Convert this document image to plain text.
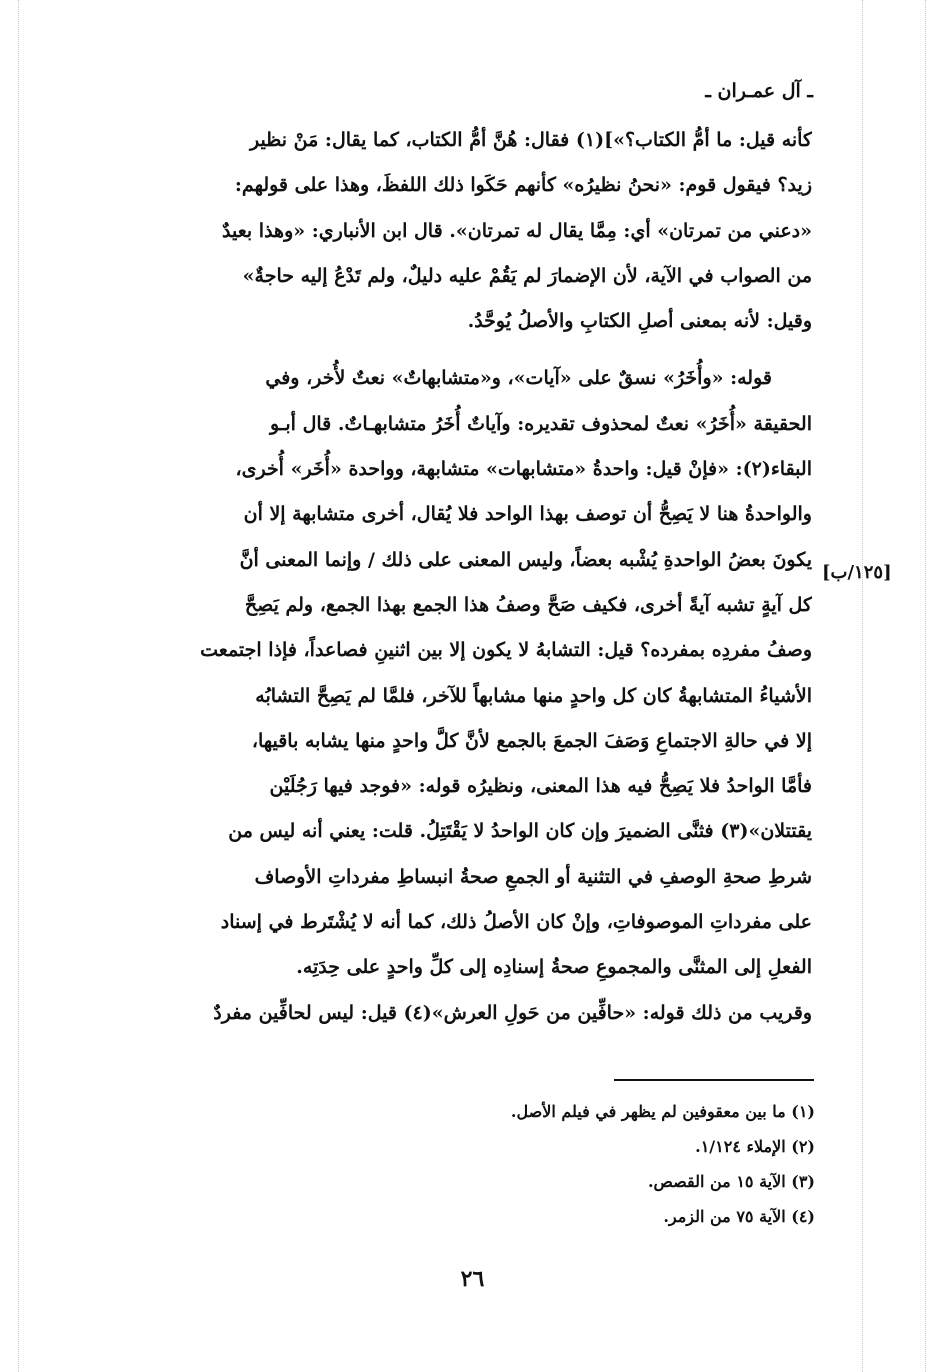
ـ آل عمـران ـ
كأنه قيل: ما أمُّ الكتاب؟»](١) فقال: هُنَّ أمُّ الكتاب، كما يقال: مَنْ نظير
زيد؟ فيقول قوم: «نحنُ نظيرُه» كأنهم حَكَوا ذلك اللفظَ، وهذا على قولهم:
«دعني من تمرتان» أي: مِمَّا يقال له تمرتان». قال ابن الأنباري: «وهذا بعيدٌ
من الصواب في الآية، لأن الإضمارَ لم يَقُمْ عليه دليلٌ، ولم تَدْعُ إليه حاجةٌ»
وقيل: لأنه بمعنى أصلِ الكتابِ والأصلُ يُوحَّدُ.
قوله: «وأُخَرُ» نسقٌ على «آيات»، و«متشابهاتٌ» نعتٌ لأُخر، وفي
الحقيقة «أُخَرُ» نعتٌ لمحذوف تقديره: وآياتٌ أُخَرُ متشابهـاتٌ. قال أبـو
البقاء(٢): «فإنْ قيل: واحدةُ «متشابهات» متشابهة، وواحدة «أُخَر» أُخرى،
والواحدةُ هنا لا يَصِحُّ أن توصف بهذا الواحد فلا يُقال، أخرى متشابهة إلا أن
يكونَ بعضُ الواحدةِ يُشْبه بعضاً، وليس المعنى على ذلك / وإنما المعنى أنَّ
كل آيةٍ تشبه آيةً أخرى، فكيف صَحَّ وصفُ هذا الجمع بهذا الجمع، ولم يَصِحَّ
وصفُ مفردِه بمفرده؟ قيل: التشابهُ لا يكون إلا بين اثنينِ فصاعداً، فإذا اجتمعت
الأشياءُ المتشابهةُ كان كل واحدٍ منها مشابهاً للآخر، فلمَّا لم يَصِحَّ التشابُه
إلا في حالةِ الاجتماعِ وَصَفَ الجمعَ بالجمع لأنَّ كلَّ واحدٍ منها يشابه باقيها،
فأمَّا الواحدُ فلا يَصِحُّ فيه هذا المعنى، ونظيرُه قوله: «فوجد فيها رَجُلَيْن
يقتتلان»(٣) فثنَّى الضميرَ وإن كان الواحدُ لا يَقْتَتِلُ. قلت: يعني أنه ليس من
شرطِ صحةِ الوصفِ في التثنية أو الجمعِ صحةُ انبساطِ مفرداتِ الأوصاف
على مفرداتِ الموصوفاتِ، وإنْ كان الأصلُ ذلك، كما أنه لا يُشْتَرط في إسناد
الفعلِ إلى المثنَّى والمجموعِ صحةُ إسنادِه إلى كلِّ واحدٍ على حِدَتِه.
وقريب من ذلك قوله: «حافِّين من حَولِ العرش»(٤) قيل: ليس لحافِّين مفردٌ
[١٢٥/ب]
(١) ما بين معقوفين لم يظهر في فيلم الأصل.
(٢) الإملاء ١/١٢٤.
(٣) الآية ١٥ من القصص.
(٤) الآية ٧٥ من الزمر.
٢٦
